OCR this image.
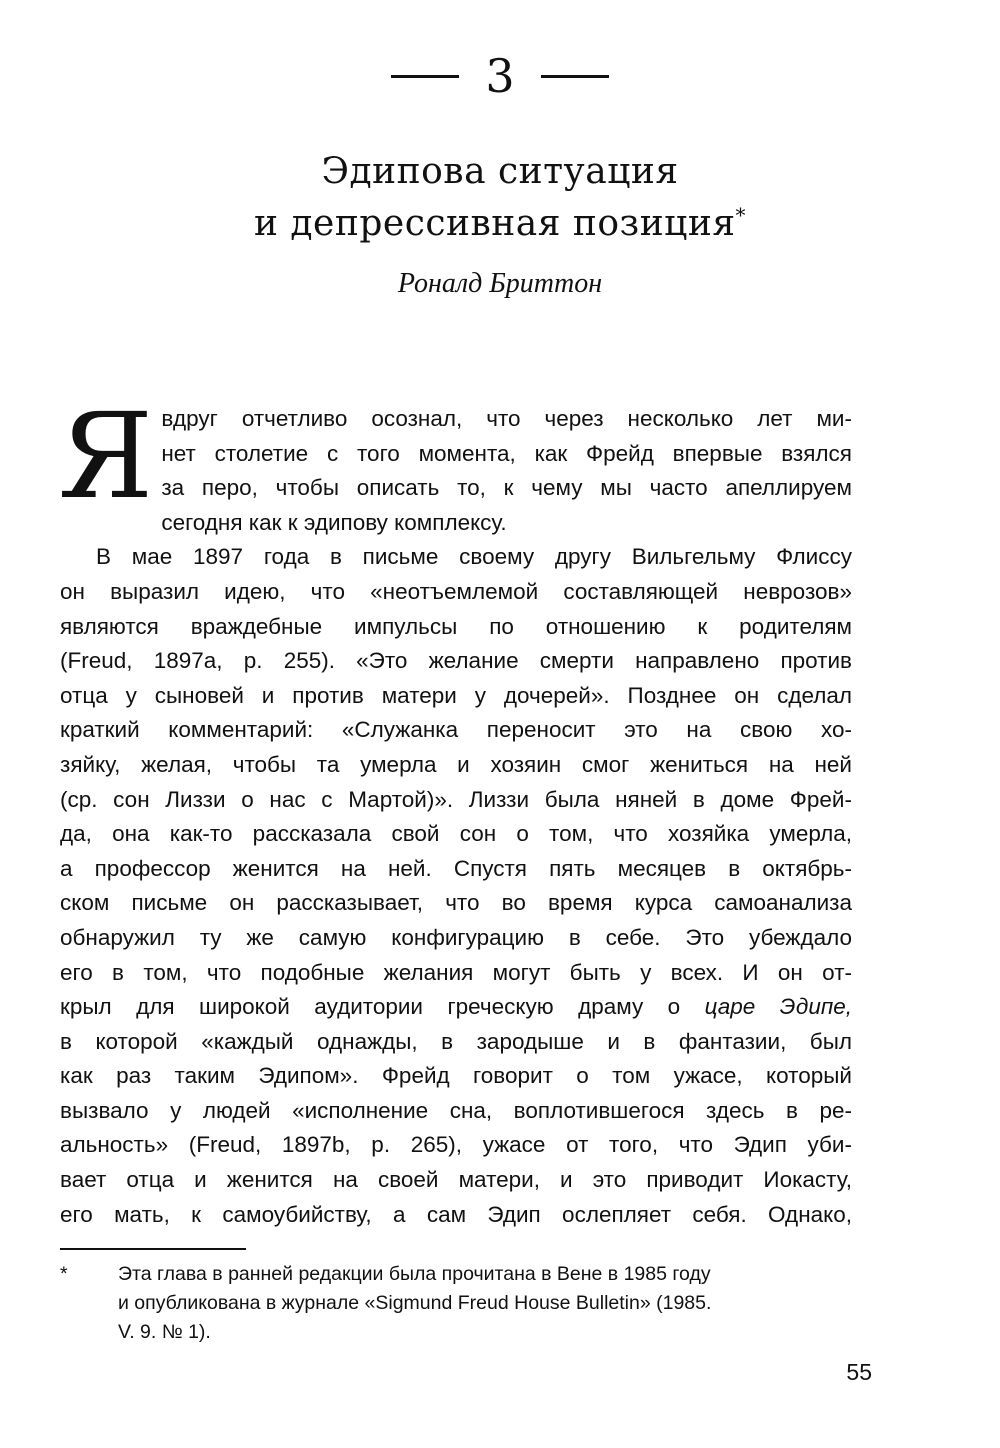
3
Эдипова ситуация
и депрессивная позиция*
Роналд Бриттон
Я вдруг отчетливо осознал, что через несколько лет ми-
нет столетие с того момента, как Фрейд впервые взялся
за перо, чтобы описать то, к чему мы часто апеллируем
сегодня как к эдипову комплексу.
В мае 1897 года в письме своему другу Вильгельму Флиссу
он выразил идею, что «неотъемлемой составляющей неврозов»
являются враждебные импульсы по отношению к родителям
(Freud, 1897a, p. 255). «Это желание смерти направлено против
отца у сыновей и против матери у дочерей». Позднее он сделал
краткий комментарий: «Служанка переносит это на свою хо-
зяйку, желая, чтобы та умерла и хозяин смог жениться на ней
(ср. сон Лиззи о нас с Мартой)». Лиззи была няней в доме Фрей-
да, она как-то рассказала свой сон о том, что хозяйка умерла,
а профессор женится на ней. Спустя пять месяцев в октябрь-
ском письме он рассказывает, что во время курса самоанализа
обнаружил ту же самую конфигурацию в себе. Это убеждало
его в том, что подобные желания могут быть у всех. И он от-
крыл для широкой аудитории греческую драму о царе Эдипе,
в которой «каждый однажды, в зародыше и в фантазии, был
как раз таким Эдипом». Фрейд говорит о том ужасе, который
вызвало у людей «исполнение сна, воплотившегося здесь в ре-
альность» (Freud, 1897b, p. 265), ужасе от того, что Эдип уби-
вает отца и женится на своей матери, и это приводит Иокасту,
его мать, к самоубийству, а сам Эдип ослепляет себя. Однако,
*	Эта глава в ранней редакции была прочитана в Вене в 1985 году
и опубликована в журнале «Sigmund Freud House Bulletin» (1985.
V. 9. № 1).
55
